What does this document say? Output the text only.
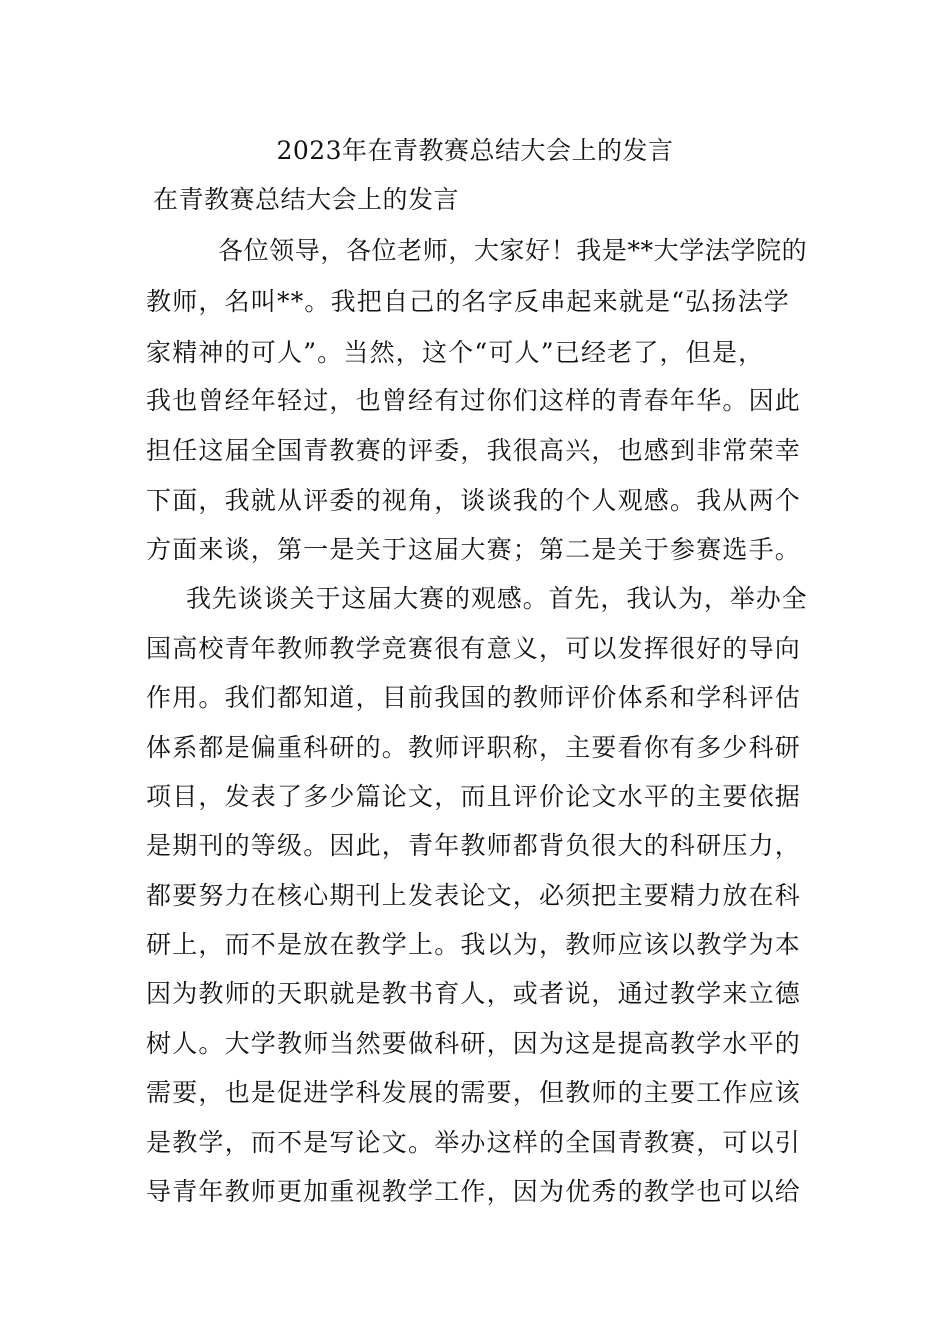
2023年在青教赛总结大会上的发言
在青教赛总结大会上的发言
各位领导，各位老师，大家好！我是**大学法学院的
教师，名叫**。我把自己的名字反串起来就是“弘扬法学
家精神的可人”。当然，这个“可人”已经老了，但是，
我也曾经年轻过，也曾经有过你们这样的青春年华。因此
担任这届全国青教赛的评委，我很高兴，也感到非常荣幸
下面，我就从评委的视角，谈谈我的个人观感。我从两个
方面来谈，第一是关于这届大赛；第二是关于参赛选手。
我先谈谈关于这届大赛的观感。首先，我认为，举办全
国高校青年教师教学竞赛很有意义，可以发挥很好的导向
作用。我们都知道，目前我国的教师评价体系和学科评估
体系都是偏重科研的。教师评职称，主要看你有多少科研
项目，发表了多少篇论文，而且评价论文水平的主要依据
是期刊的等级。因此，青年教师都背负很大的科研压力，
都要努力在核心期刊上发表论文，必须把主要精力放在科
研上，而不是放在教学上。我以为，教师应该以教学为本
因为教师的天职就是教书育人，或者说，通过教学来立德
树人。大学教师当然要做科研，因为这是提高教学水平的
需要，也是促进学科发展的需要，但教师的主要工作应该
是教学，而不是写论文。举办这样的全国青教赛，可以引
导青年教师更加重视教学工作，因为优秀的教学也可以给
